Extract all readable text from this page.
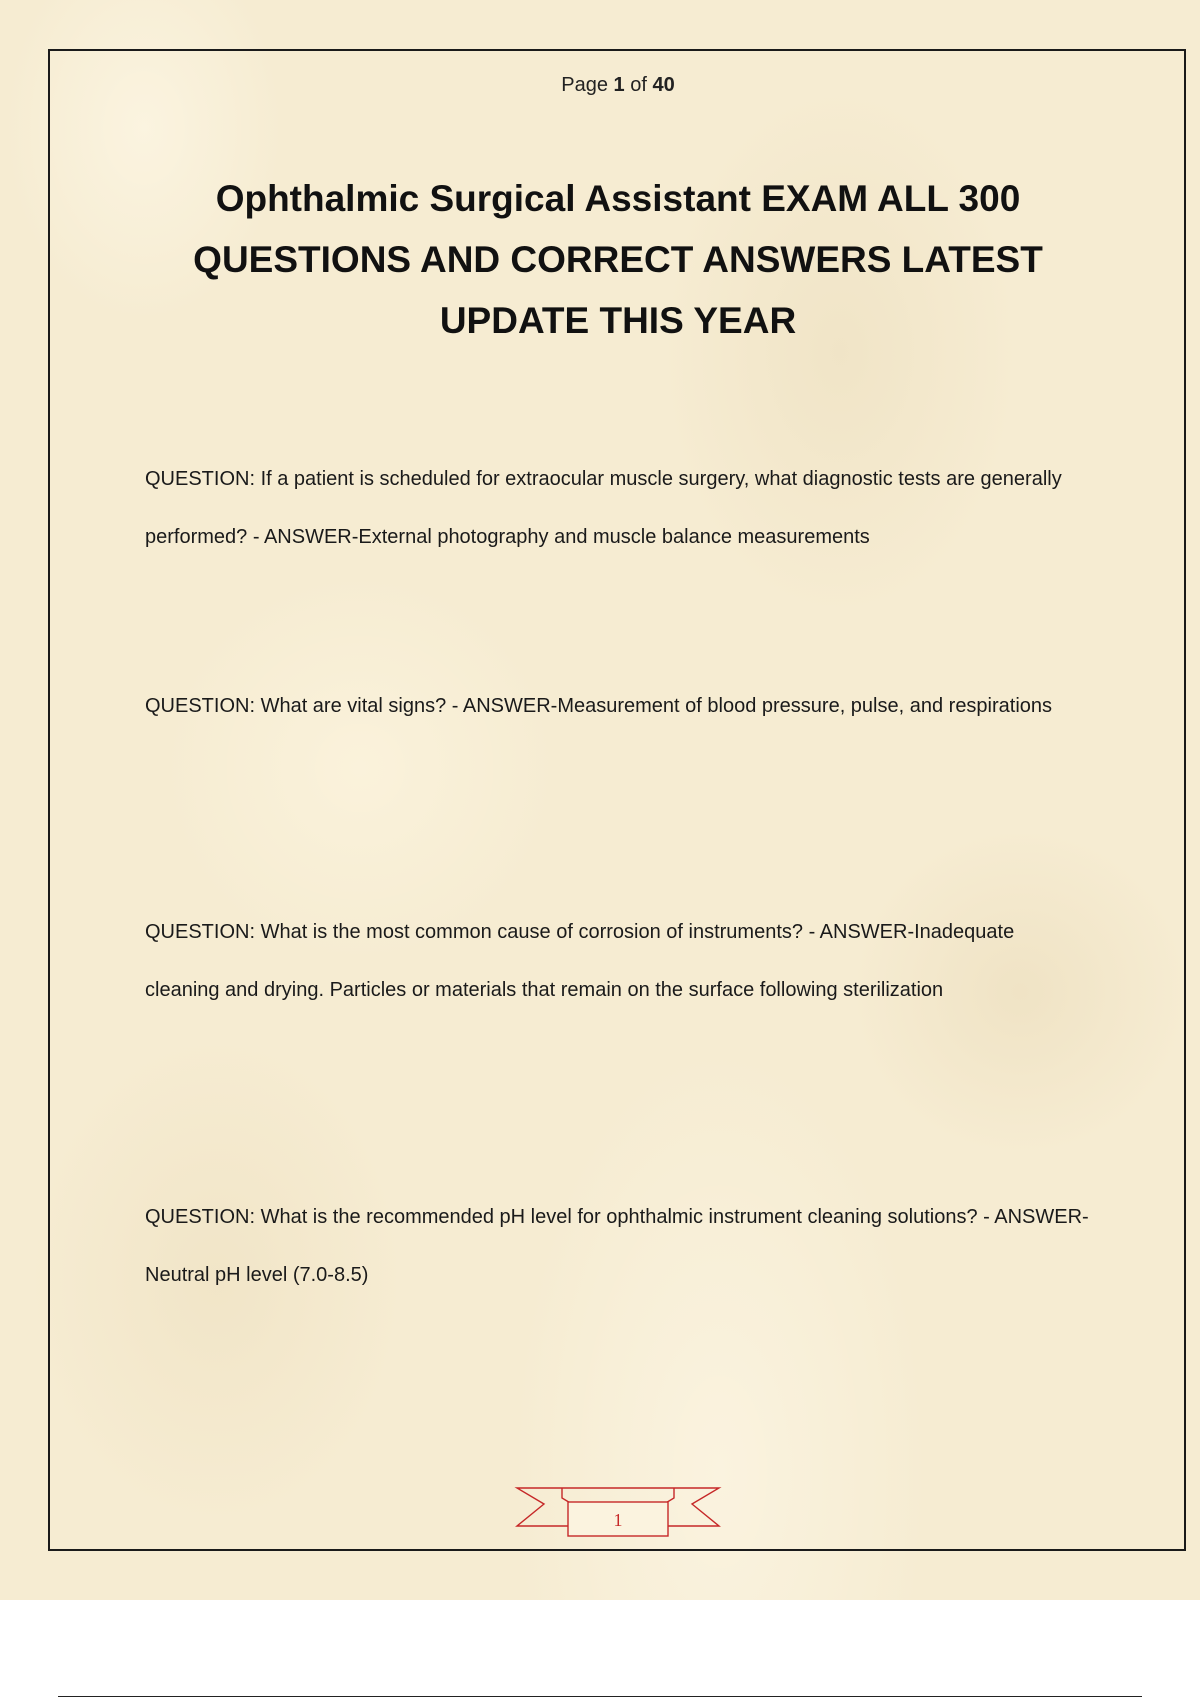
Page 1 of 40
Ophthalmic Surgical Assistant EXAM ALL 300 QUESTIONS AND CORRECT ANSWERS LATEST UPDATE THIS YEAR

QUESTION: If a patient is scheduled for extraocular muscle surgery, what diagnostic tests are generally performed? - ANSWER-External photography and muscle balance measurements

QUESTION: What are vital signs? - ANSWER-Measurement of blood pressure, pulse, and respirations

QUESTION: What is the most common cause of corrosion of instruments? - ANSWER-Inadequate cleaning and drying. Particles or materials that remain on the surface following sterilization

QUESTION: What is the recommended pH level for ophthalmic instrument cleaning solutions? - ANSWER-Neutral pH level (7.0-8.5)

1
